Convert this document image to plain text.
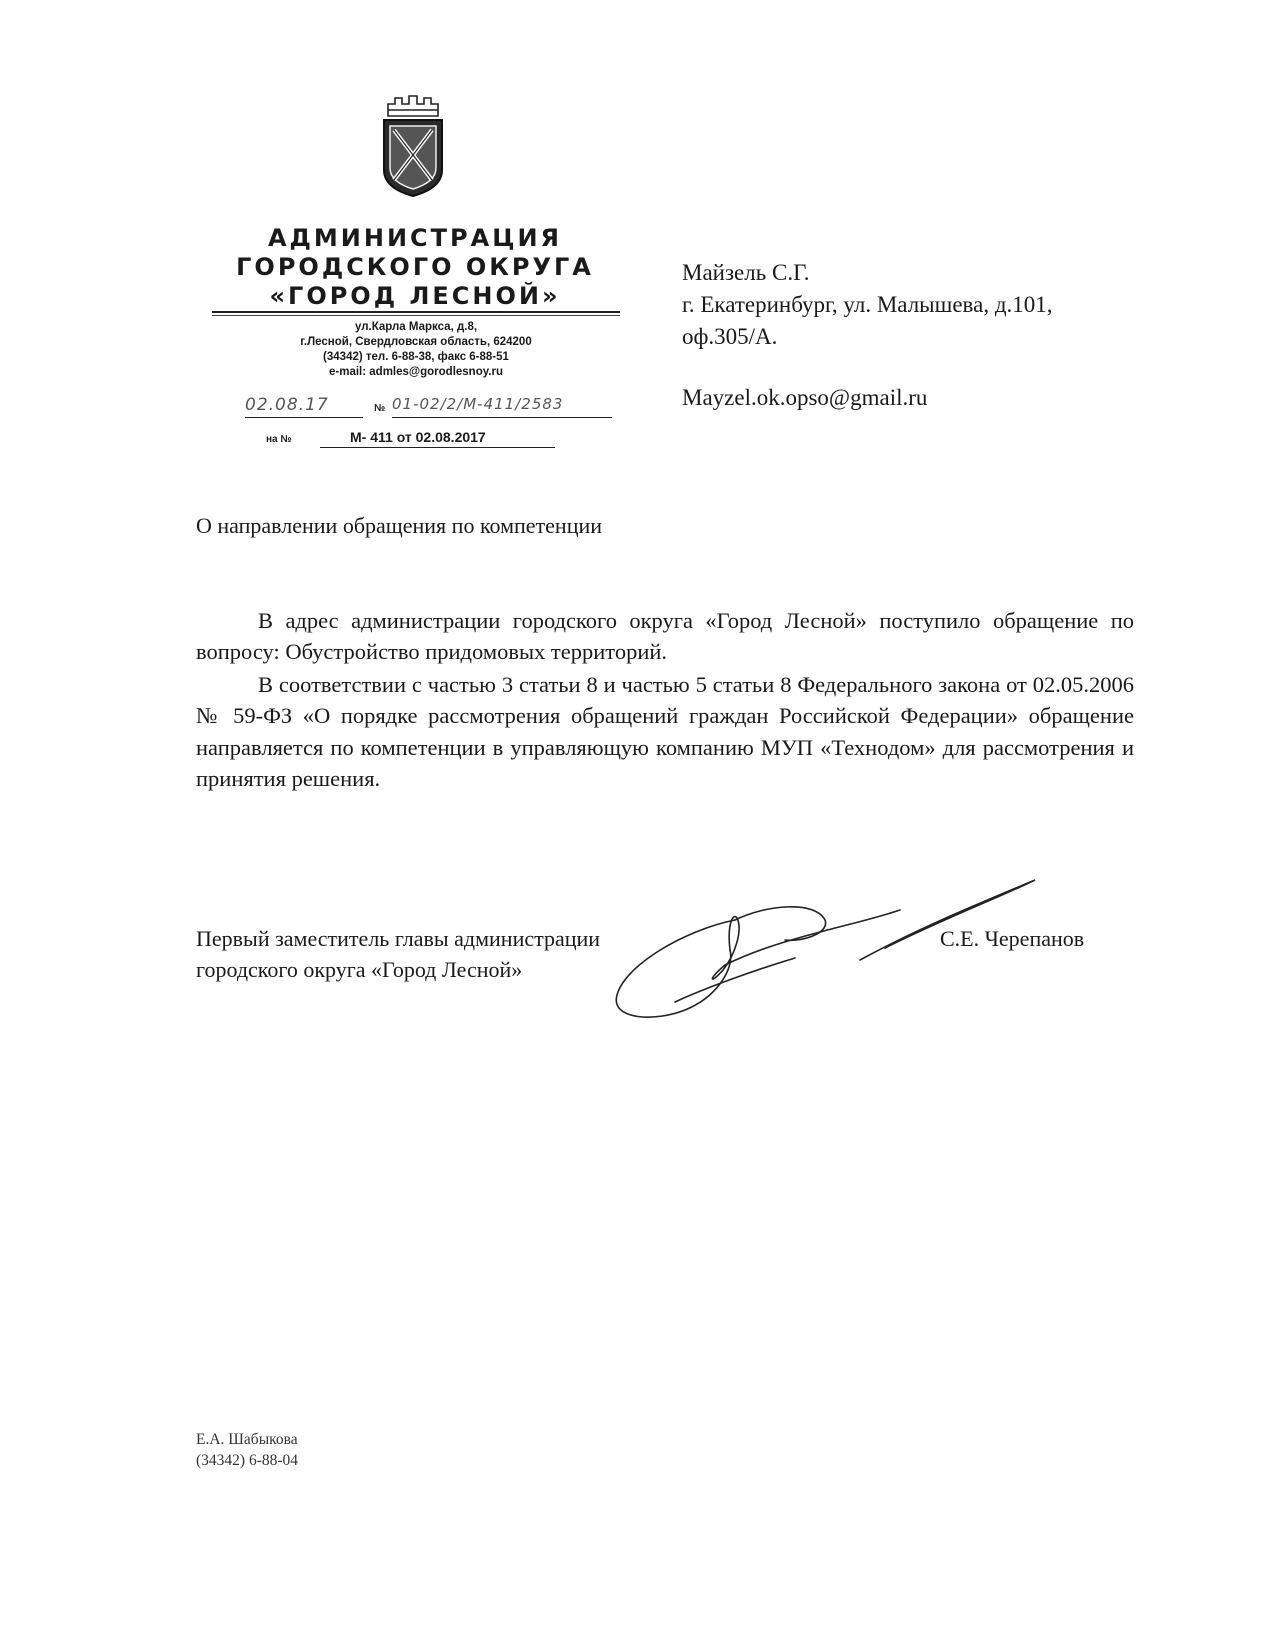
АДМИНИСТРАЦИЯ
ГОРОДСКОГО ОКРУГА
«ГОРОД ЛЕСНОЙ»
ул.Карла Маркса, д.8,
г.Лесной, Свердловская область, 624200
(34342) тел. 6-88-38, факс 6-88-51
e-mail: admles@gorodlesnoy.ru
02.08.17	№ 01-02/2/М-411/2583
на №	М- 411 от 02.08.2017
Майзель С.Г.
г. Екатеринбург, ул. Малышева, д.101,
оф.305/А.
Mayzel.ok.opso@gmail.ru
О направлении обращения по компетенции

В адрес администрации городского округа «Город Лесной» поступило обращение по вопросу: Обустройство придомовых территорий.

В соответствии с частью 3 статьи 8 и частью 5 статьи 8 Федерального закона от 02.05.2006 № 59-ФЗ «О порядке рассмотрения обращений граждан Российской Федерации» обращение направляется по компетенции в управляющую компанию МУП «Технодом» для рассмотрения и принятия решения.

Первый заместитель главы администрации
городского округа «Город Лесной»
С.Е. Черепанов
Е.А. Шабыкова
(34342) 6-88-04
